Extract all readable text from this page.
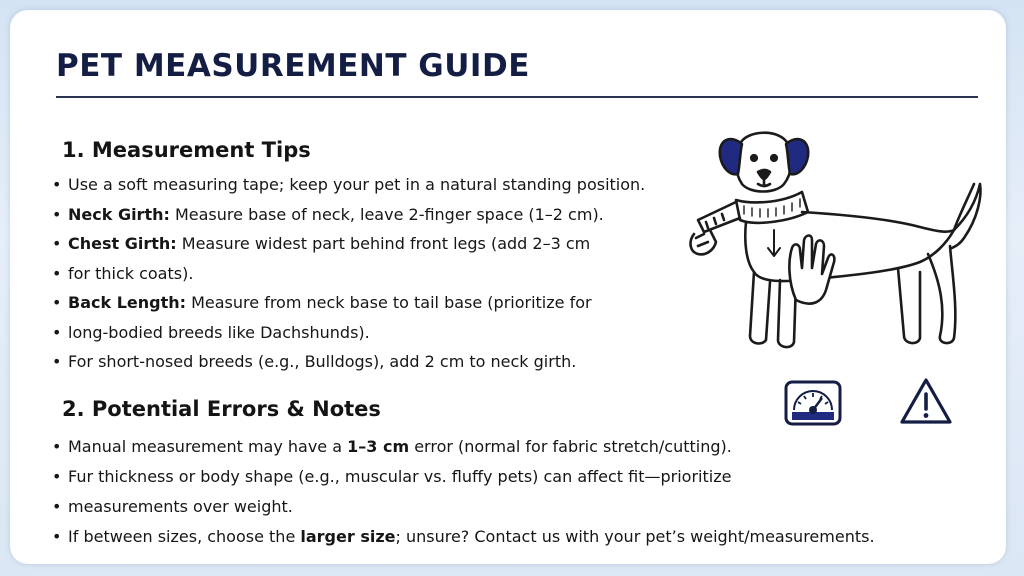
PET MEASUREMENT GUIDE
1. Measurement Tips
• Use a soft measuring tape; keep your pet in a natural standing position.
• Neck Girth: Measure base of neck, leave 2-finger space (1–2 cm).
• Chest Girth: Measure widest part behind front legs (add 2–3 cm
• for thick coats).
• Back Length: Measure from neck base to tail base (prioritize for
• long-bodied breeds like Dachshunds).
• For short-nosed breeds (e.g., Bulldogs), add 2 cm to neck girth.
2. Potential Errors & Notes
• Manual measurement may have a 1–3 cm error (normal for fabric stretch/cutting).
• Fur thickness or body shape (e.g., muscular vs. fluffy pets) can affect fit—prioritize
• measurements over weight.
• If between sizes, choose the larger size; unsure? Contact us with your pet’s weight/measurements.
